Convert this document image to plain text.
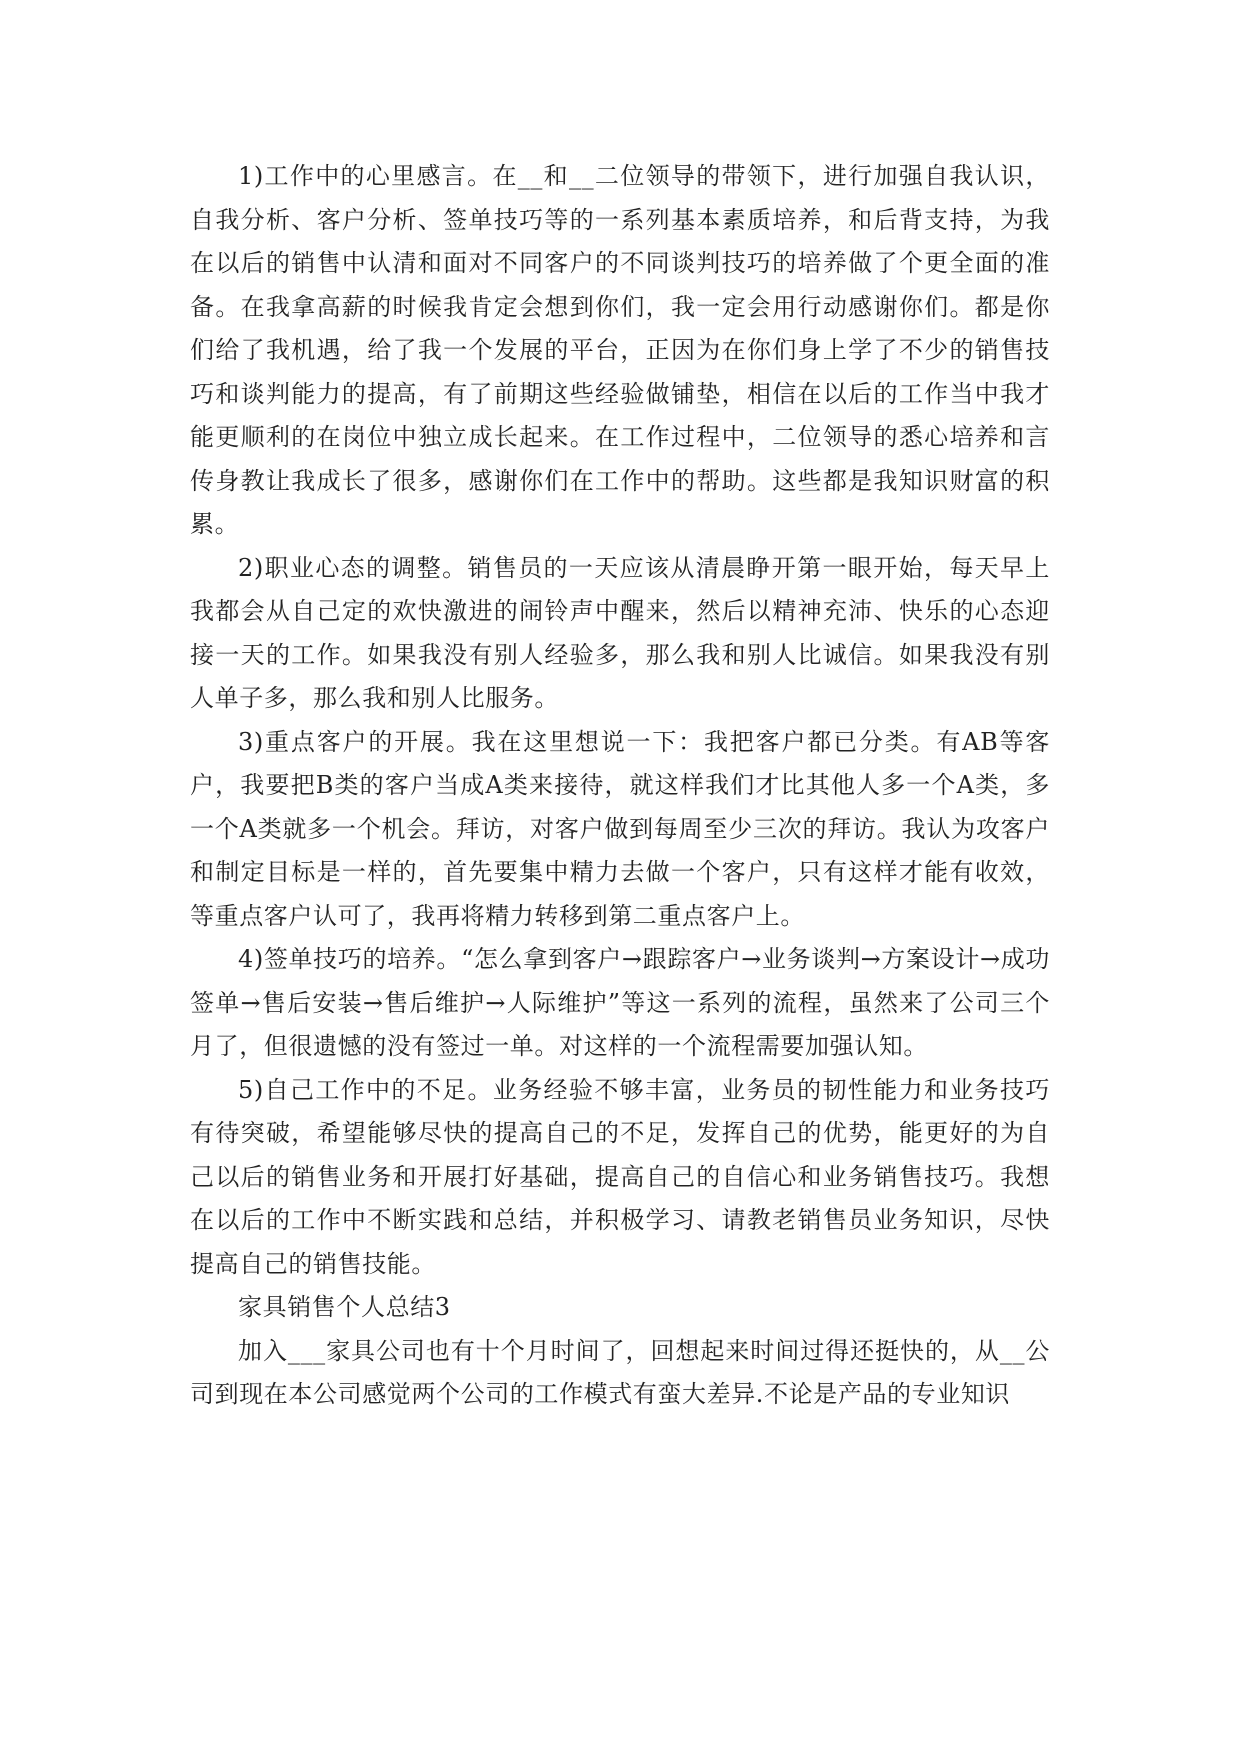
1)工作中的心里感言。在__和__二位领导的带领下，进行加强自我认识，自我分析、客户分析、签单技巧等的一系列基本素质培养，和后背支持，为我在以后的销售中认清和面对不同客户的不同谈判技巧的培养做了个更全面的准备。在我拿高薪的时候我肯定会想到你们，我一定会用行动感谢你们。都是你们给了我机遇，给了我一个发展的平台，正因为在你们身上学了不少的销售技巧和谈判能力的提高，有了前期这些经验做铺垫，相信在以后的工作当中我才能更顺利的在岗位中独立成长起来。在工作过程中，二位领导的悉心培养和言传身教让我成长了很多，感谢你们在工作中的帮助。这些都是我知识财富的积累。

2)职业心态的调整。销售员的一天应该从清晨睁开第一眼开始，每天早上我都会从自己定的欢快激进的闹铃声中醒来，然后以精神充沛、快乐的心态迎接一天的工作。如果我没有别人经验多，那么我和别人比诚信。如果我没有别人单子多，那么我和别人比服务。

3)重点客户的开展。我在这里想说一下：我把客户都已分类。有AB等客户，我要把B类的客户当成A类来接待，就这样我们才比其他人多一个A类，多一个A类就多一个机会。拜访，对客户做到每周至少三次的拜访。我认为攻客户和制定目标是一样的，首先要集中精力去做一个客户，只有这样才能有收效，等重点客户认可了，我再将精力转移到第二重点客户上。

4)签单技巧的培养。“怎么拿到客户→跟踪客户→业务谈判→方案设计→成功签单→售后安装→售后维护→人际维护”等这一系列的流程，虽然来了公司三个月了，但很遗憾的没有签过一单。对这样的一个流程需要加强认知。

5)自己工作中的不足。业务经验不够丰富，业务员的韧性能力和业务技巧有待突破，希望能够尽快的提高自己的不足，发挥自己的优势，能更好的为自己以后的销售业务和开展打好基础，提高自己的自信心和业务销售技巧。我想在以后的工作中不断实践和总结，并积极学习、请教老销售员业务知识，尽快提高自己的销售技能。

家具销售个人总结3

加入___家具公司也有十个月时间了，回想起来时间过得还挺快的，从__公司到现在本公司感觉两个公司的工作模式有蛮大差异.不论是产品的专业知识
